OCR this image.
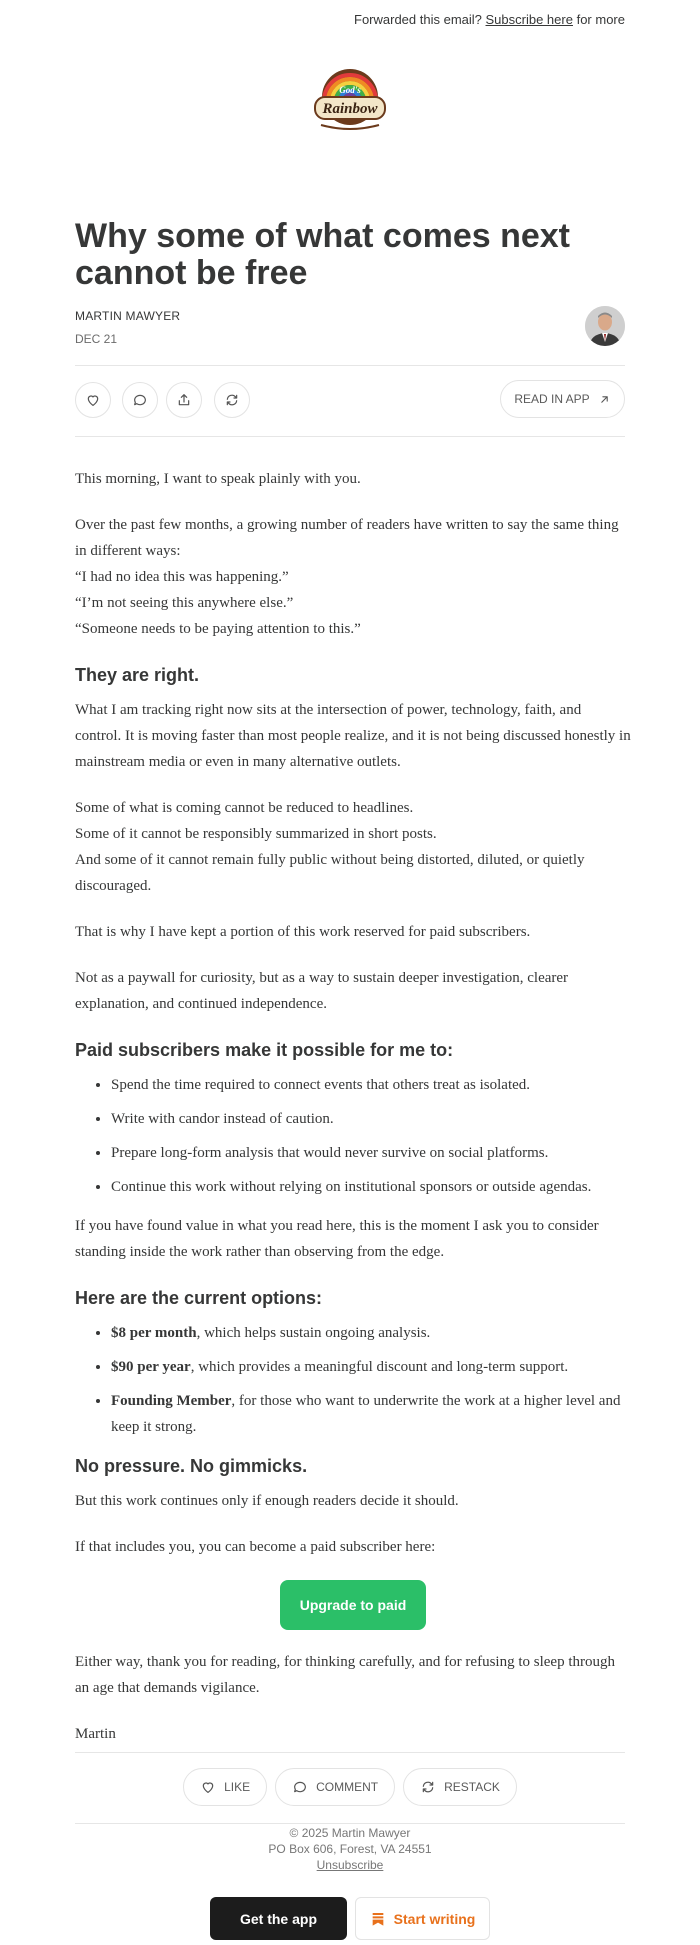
Forwarded this email? Subscribe here for more
Rainbow
God's
Why some of what comes next cannot be free
MARTIN MAWYER
DEC 21
READ IN APP

This morning, I want to speak plainly with you.

Over the past few months, a growing number of readers have written to say the same thing in different ways:
“I had no idea this was happening.”
“I’m not seeing this anywhere else.”
“Someone needs to be paying attention to this.”

They are right.

What I am tracking right now sits at the intersection of power, technology, faith, and control. It is moving faster than most people realize, and it is not being discussed honestly in mainstream media or even in many alternative outlets.

Some of what is coming cannot be reduced to headlines.
Some of it cannot be responsibly summarized in short posts.
And some of it cannot remain fully public without being distorted, diluted, or quietly discouraged.

That is why I have kept a portion of this work reserved for paid subscribers.

Not as a paywall for curiosity, but as a way to sustain deeper investigation, clearer explanation, and continued independence.

Paid subscribers make it possible for me to:
• Spend the time required to connect events that others treat as isolated.
• Write with candor instead of caution.
• Prepare long-form analysis that would never survive on social platforms.
• Continue this work without relying on institutional sponsors or outside agendas.

If you have found value in what you read here, this is the moment I ask you to consider standing inside the work rather than observing from the edge.

Here are the current options:
• $8 per month, which helps sustain ongoing analysis.
• $90 per year, which provides a meaningful discount and long-term support.
• Founding Member, for those who want to underwrite the work at a higher level and keep it strong.
No pressure. No gimmicks.

But this work continues only if enough readers decide it should.

If that includes you, you can become a paid subscriber here:

Upgrade to paid

Either way, thank you for reading, for thinking carefully, and for refusing to sleep through an age that demands vigilance.

Martin

LIKE	COMMENT	RESTACK
© 2025 Martin Mawyer
PO Box 606, Forest, VA 24551
Unsubscribe
Get the app	Start writing
